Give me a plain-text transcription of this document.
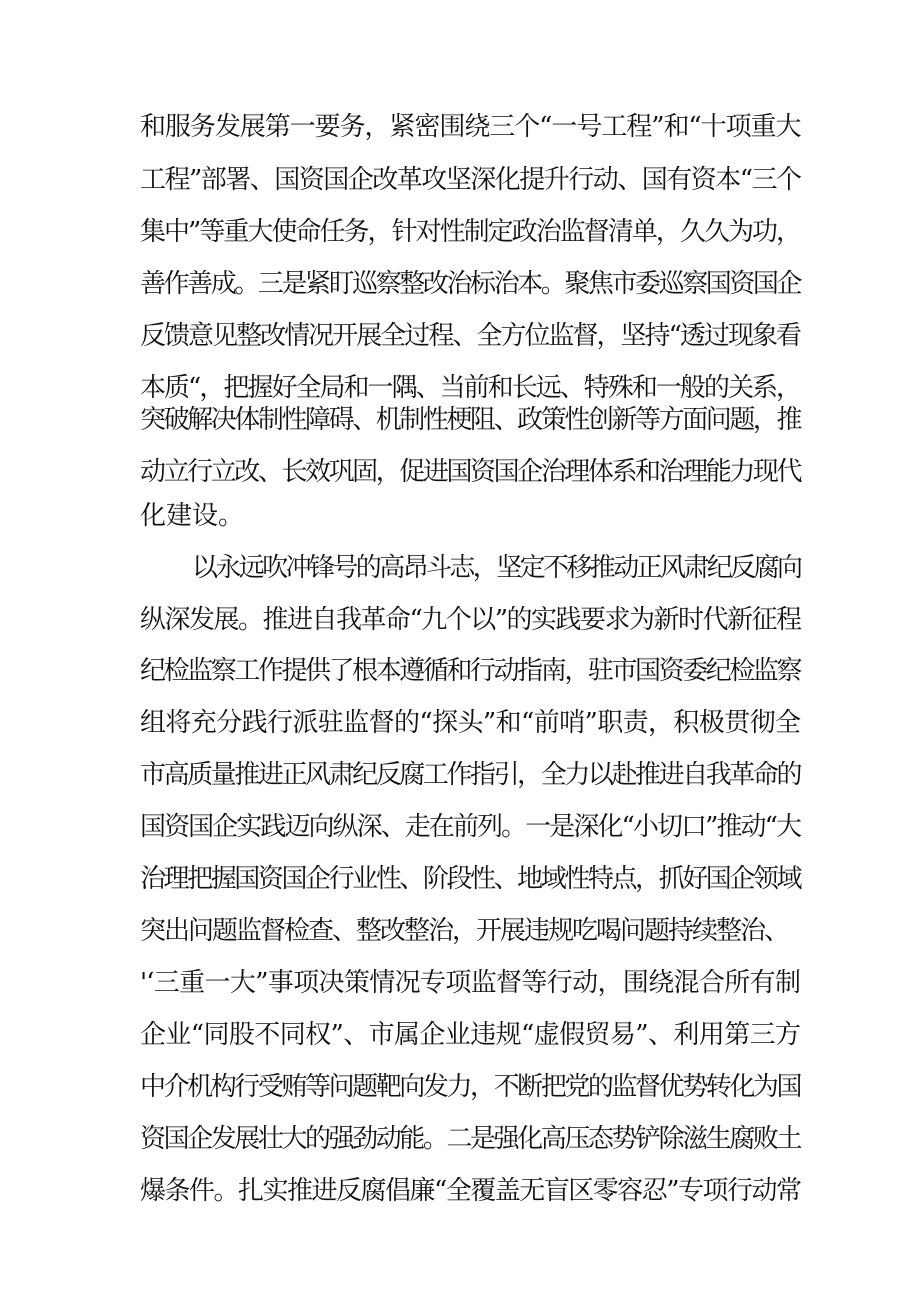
和服务发展第一要务，紧密围绕三个“一号工程”和“十项重大
工程”部署、国资国企改革攻坚深化提升行动、国有资本“三个
集中”等重大使命任务，针对性制定政治监督清单，久久为功，
善作善成。三是紧盯巡察整改治标治本。聚焦市委巡察国资国企
反馈意见整改情况开展全过程、全方位监督，坚持“透过现象看
本质“，把握好全局和一隅、当前和长远、特殊和一般的关系，
突破解决体制性障碍、机制性梗阻、政策性创新等方面问题，推
动立行立改、长效巩固，促进国资国企治理体系和治理能力现代
化建设。
以永远吹冲锋号的高昂斗志，坚定不移推动正风肃纪反腐向
纵深发展。推进自我革命“九个以”的实践要求为新时代新征程
纪检监察工作提供了根本遵循和行动指南，驻市国资委纪检监察
组将充分践行派驻监督的“探头”和“前哨”职责，积极贯彻全
市高质量推进正风肃纪反腐工作指引，全力以赴推进自我革命的
国资国企实践迈向纵深、走在前列。一是深化“小切口”推动“大
治理把握国资国企行业性、阶段性、地域性特点，抓好国企领域
突出问题监督检查、整改整治，开展违规吃喝问题持续整治、
'‘三重一大”事项决策情况专项监督等行动，围绕混合所有制
企业“同股不同权”、市属企业违规“虚假贸易”、利用第三方
中介机构行受贿等问题靶向发力，不断把党的监督优势转化为国
资国企发展壮大的强劲动能。二是强化高压态势铲除滋生腐败土
爆条件。扎实推进反腐倡廉“全覆盖无盲区零容忍”专项行动常
